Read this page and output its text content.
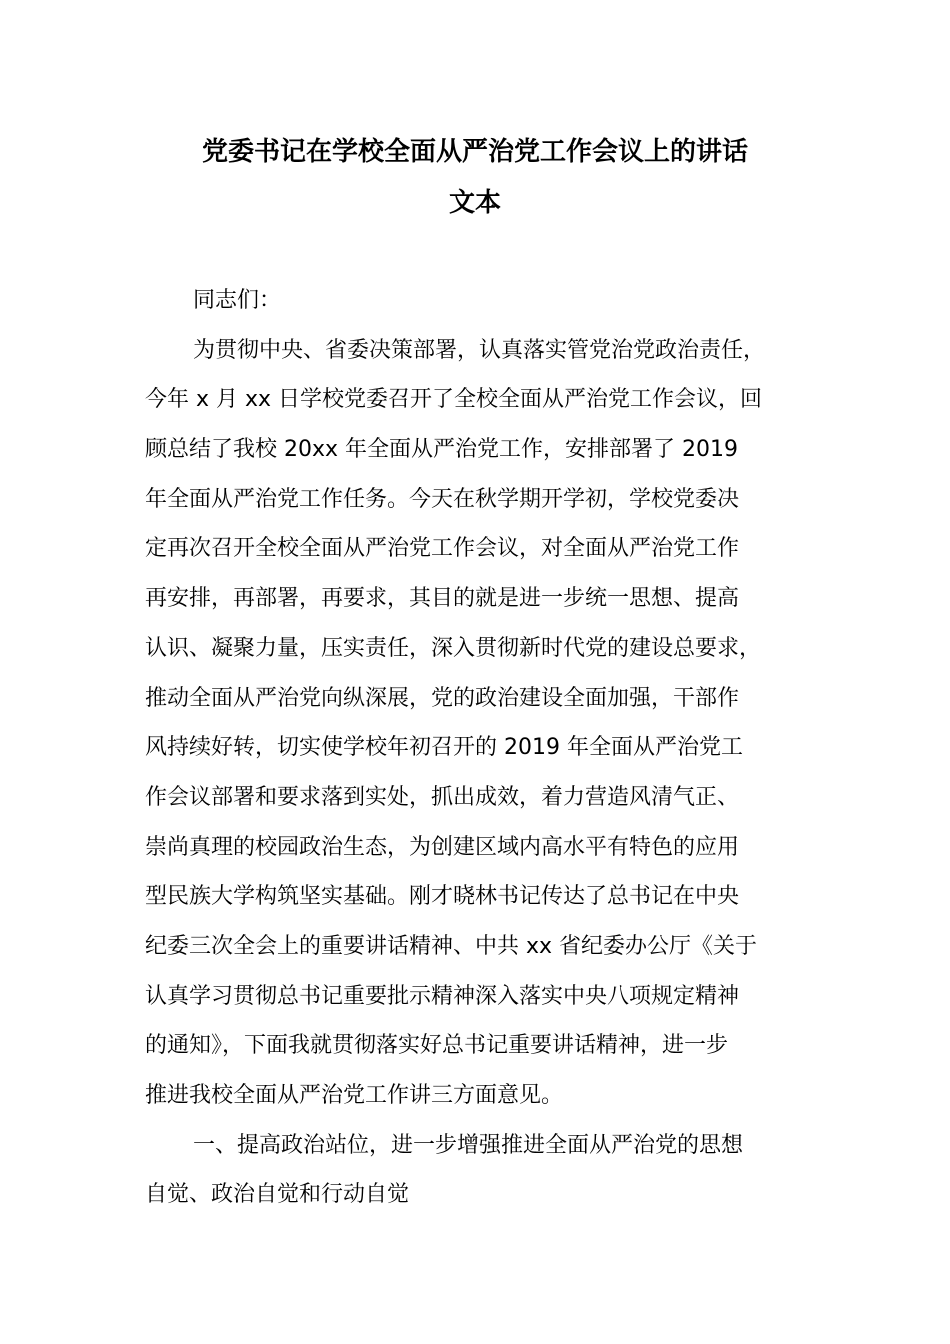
党委书记在学校全面从严治党工作会议上的讲话
文本
同志们：
为贯彻中央、省委决策部署，认真落实管党治党政治责任，
今年 x 月 xx 日学校党委召开了全校全面从严治党工作会议，回
顾总结了我校 20xx 年全面从严治党工作，安排部署了 2019
年全面从严治党工作任务。今天在秋学期开学初，学校党委决
定再次召开全校全面从严治党工作会议，对全面从严治党工作
再安排，再部署，再要求，其目的就是进一步统一思想、提高
认识、凝聚力量，压实责任，深入贯彻新时代党的建设总要求，
推动全面从严治党向纵深展，党的政治建设全面加强，干部作
风持续好转，切实使学校年初召开的 2019 年全面从严治党工
作会议部署和要求落到实处，抓出成效，着力营造风清气正、
崇尚真理的校园政治生态，为创建区域内高水平有特色的应用
型民族大学构筑坚实基础。刚才晓林书记传达了总书记在中央
纪委三次全会上的重要讲话精神、中共 xx 省纪委办公厅《关于
认真学习贯彻总书记重要批示精神深入落实中央八项规定精神
的通知》，下面我就贯彻落实好总书记重要讲话精神，进一步
推进我校全面从严治党工作讲三方面意见。
一、提高政治站位，进一步增强推进全面从严治党的思想
自觉、政治自觉和行动自觉
